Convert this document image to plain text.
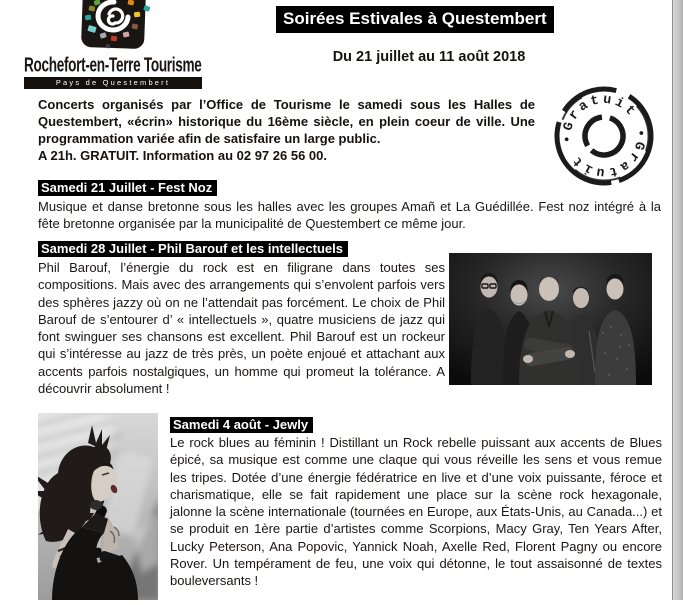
Rochefort-en-Terre Tourisme
Pays de Questembert
Soirées Estivales à Questembert
Du 21 juillet au 11 août 2018

Concerts organisés par l’Office de Tourisme le samedi sous les Halles de Questembert, «écrin» historique du 16ème siècle, en plein coeur de ville. Une programmation variée afin de satisfaire un large public.

A 21h. GRATUIT. Information au 02 97 26 56 00.

•Gratuit •Gratuit
Samedi 21 Juillet - Fest Noz

Musique et danse bretonne sous les halles avec les groupes Amañ et La Guédillée. Fest noz intégré à la fête bretonne organisée par la municipalité de Questembert ce même jour.

Samedi 28 Juillet - Phil Barouf et les intellectuels

Phil Barouf, l’énergie du rock est en filigrane dans toutes ses compositions. Mais avec des arrangements qui s’envolent parfois vers des sphères jazzy où on ne l’attendait pas forcément. Le choix de Phil Barouf de s’entourer d’ « intellectuels », quatre musiciens de jazz qui font swinguer ses chansons est excellent. Phil Barouf est un rockeur qui s’intéresse au jazz de très près, un poète enjoué et attachant aux accents parfois nostalgiques, un homme qui promeut la tolérance. A découvrir absolument !

Samedi 4 août - Jewly

Le rock blues au féminin ! Distillant un Rock rebelle puissant aux accents de Blues épicé, sa musique est comme une claque qui vous réveille les sens et vous remue les tripes. Dotée d’une énergie fédératrice en live et d’une voix puissante, féroce et charismatique, elle se fait rapidement une place sur la scène rock hexagonale, jalonne la scène internationale (tournées en Europe, aux États-Unis, au Canada...) et se produit en 1ère partie d’artistes comme Scorpions, Macy Gray, Ten Years After, Lucky Peterson, Ana Popovic, Yannick Noah, Axelle Red, Florent Pagny ou encore Rover. Un tempérament de feu, une voix qui détonne, le tout assaisonné de textes bouleversants !
